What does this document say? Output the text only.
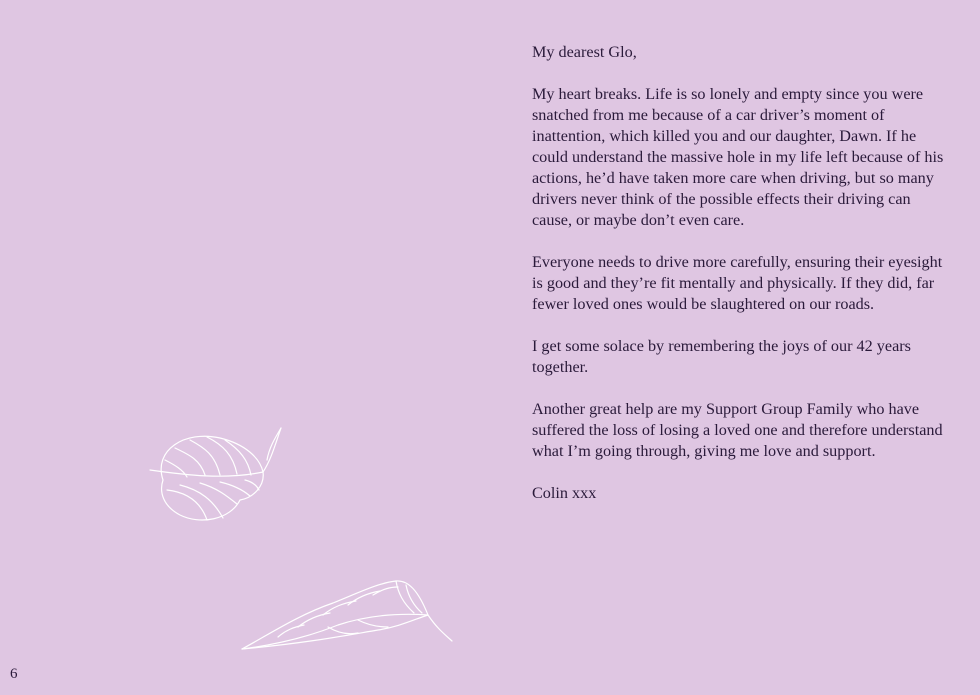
My dearest Glo,

My heart breaks. Life is so lonely and empty since you were snatched from me because of a car driver’s moment of inattention, which killed you and our daughter, Dawn. If he could understand the massive hole in my life left because of his actions, he’d have taken more care when driving, but so many drivers never think of the possible effects their driving can cause, or maybe don’t even care.

Everyone needs to drive more carefully, ensuring their eyesight is good and they’re fit mentally and physically. If they did, far fewer loved ones would be slaughtered on our roads.

I get some solace by remembering the joys of our 42 years together.

Another great help are my Support Group Family who have suffered the loss of losing a loved one and therefore understand what I’m going through, giving me love and support.

Colin xxx

6
